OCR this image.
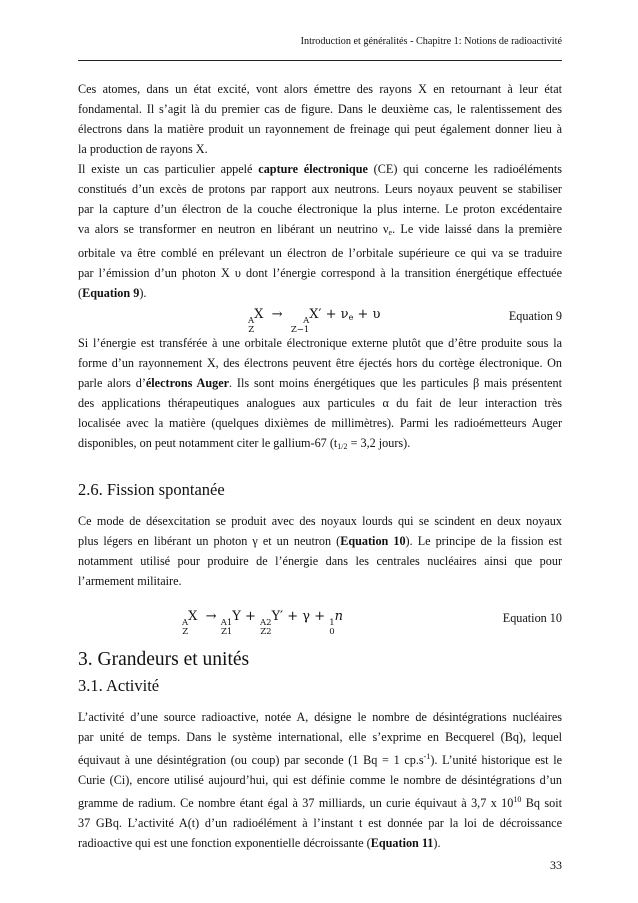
Introduction et généralités - Chapitre 1: Notions de radioactivité

Ces atomes, dans un état excité, vont alors émettre des rayons X en retournant à leur état

fondamental. Il s’agit là du premier cas de figure. Dans le deuxième cas, le ralentissement des

électrons dans la matière produit un rayonnement de freinage qui peut également donner lieu à

la production de rayons X.

Il existe un cas particulier appelé capture électronique (CE) qui concerne les radioéléments

constitués d’un excès de protons par rapport aux neutrons. Leurs noyaux peuvent se stabiliser

par la capture d’un électron de la couche électronique la plus interne. Le proton excédentaire

va alors se transformer en neutron en libérant un neutrino $\nu_e$. Le vide laissé dans la première

orbitale va être comblé en prélevant un électron de l’orbitale supérieure ce qui va se traduire

par l’émission d’un photon X υ dont l’énergie correspond à la transition énergétique effectuée

(Equation 9).

A
Z
X → A
Z−1
$X' + \nu_e + \upsilon$	Equation 9

Si l’énergie est transférée à une orbitale électronique externe plutôt que d’être produite sous la

forme d’un rayonnement X, des électrons peuvent être éjectés hors du cortège électronique. On

parle alors d’électrons Auger. Ils sont moins énergétiques que les particules β mais présentent

des applications thérapeutiques analogues aux particules α du fait de leur interaction très

localisée avec la matière (quelques dixièmes de millimètres). Parmi les radioémetteurs Auger

disponibles, on peut notamment citer le gallium-67 ($t_{1/2} = 3,2$ jours).

2.6. Fission spontanée

Ce mode de désexcitation se produit avec des noyaux lourds qui se scindent en deux noyaux

plus légers en libérant un photon γ et un neutron (Equation 10). Le principe de la fission est

notamment utilisé pour produire de l’énergie dans les centrales nucléaires ainsi que pour

l’armement militaire.

A
Z
X → A1
Z1
Y + A2
Z2
Y′ + γ + 1
0
n	Equation 10
3. Grandeurs et unités
3.1. Activité

L’activité d’une source radioactive, notée A, désigne le nombre de désintégrations nucléaires

par unité de temps. Dans le système international, elle s’exprime en Becquerel (Bq), lequel

équivaut à une désintégration (ou coup) par seconde (1 Bq = 1 $cp.s^{-1}$). L’unité historique est le

Curie (Ci), encore utilisé aujourd’hui, qui est définie comme le nombre de désintégrations d’un

gramme de radium. Ce nombre étant égal à 37 milliards, un curie équivaut à 3,7 x $10^{10}$ Bq soit

37 GBq. L’activité A(t) d’un radioélément à l’instant t est donnée par la loi de décroissance

radioactive qui est une fonction exponentielle décroissante (Equation 11).

33
